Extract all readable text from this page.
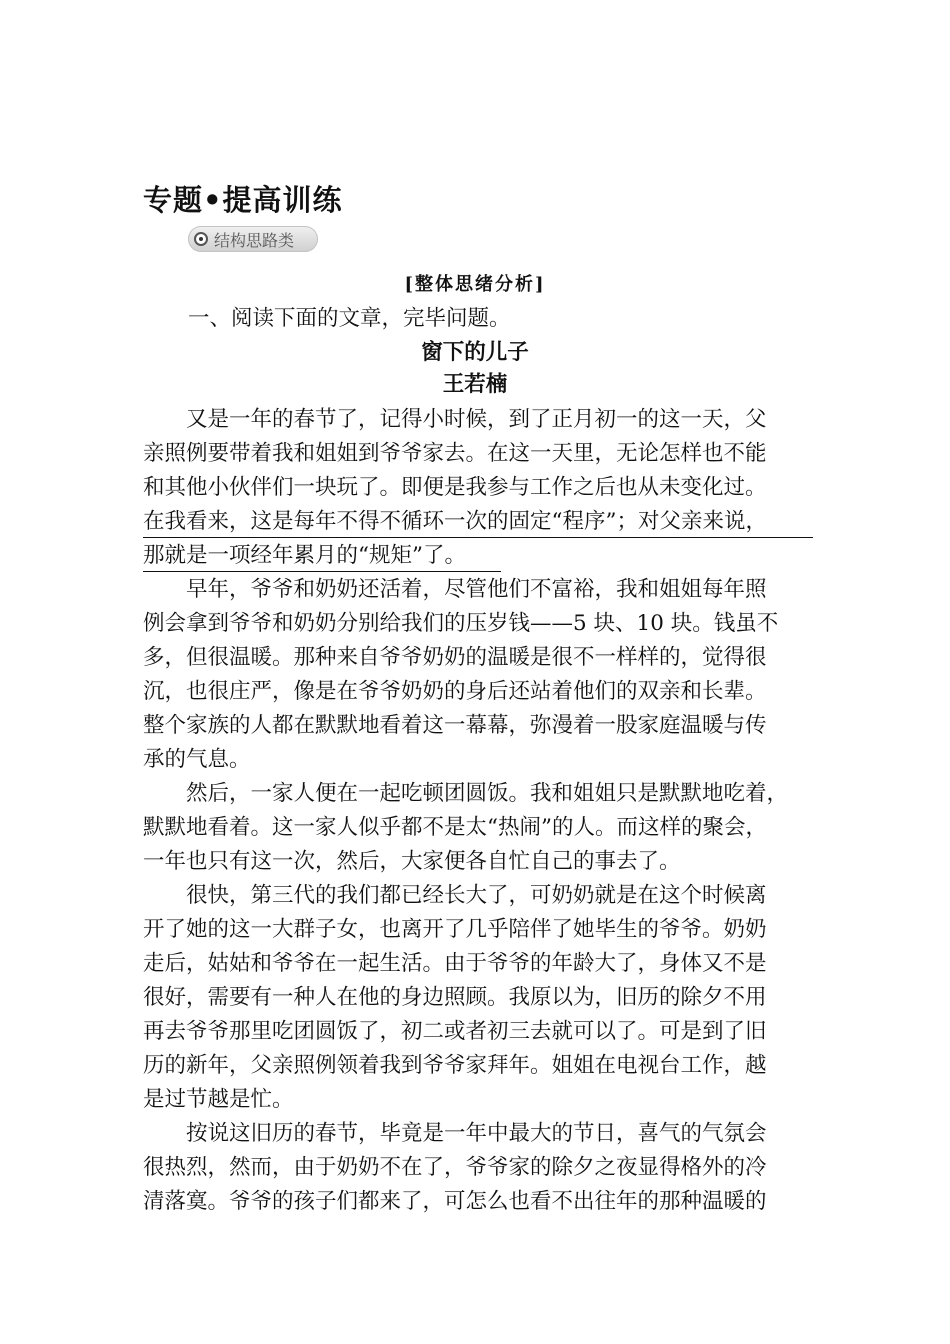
专题•提高训练
结构思路类
[整体思绪分析]
一、阅读下面的文章，完毕问题。
窗下的儿子
王若楠
　　又是一年的春节了，记得小时候，到了正月初一的这一天，父
亲照例要带着我和姐姐到爷爷家去。在这一天里，无论怎样也不能
和其他小伙伴们一块玩了。即便是我参与工作之后也从未变化过。
在我看来，这是每年不得不循环一次的固定“程序”；对父亲来说，
那就是一项经年累月的“规矩”了。
　　早年，爷爷和奶奶还活着，尽管他们不富裕，我和姐姐每年照
例会拿到爷爷和奶奶分别给我们的压岁钱——5 块、10 块。钱虽不
多，但很温暖。那种来自爷爷奶奶的温暖是很不一样样的，觉得很
沉，也很庄严，像是在爷爷奶奶的身后还站着他们的双亲和长辈。
整个家族的人都在默默地看着这一幕幕，弥漫着一股家庭温暖与传
承的气息。
　　然后，一家人便在一起吃顿团圆饭。我和姐姐只是默默地吃着，
默默地看着。这一家人似乎都不是太“热闹”的人。而这样的聚会，
一年也只有这一次，然后，大家便各自忙自己的事去了。
　　很快，第三代的我们都已经长大了，可奶奶就是在这个时候离
开了她的这一大群子女，也离开了几乎陪伴了她毕生的爷爷。奶奶
走后，姑姑和爷爷在一起生活。由于爷爷的年龄大了，身体又不是
很好，需要有一种人在他的身边照顾。我原以为，旧历的除夕不用
再去爷爷那里吃团圆饭了，初二或者初三去就可以了。可是到了旧
历的新年，父亲照例领着我到爷爷家拜年。姐姐在电视台工作，越
是过节越是忙。
　　按说这旧历的春节，毕竟是一年中最大的节日，喜气的气氛会
很热烈，然而，由于奶奶不在了，爷爷家的除夕之夜显得格外的冷
清落寞。爷爷的孩子们都来了，可怎么也看不出往年的那种温暖的
